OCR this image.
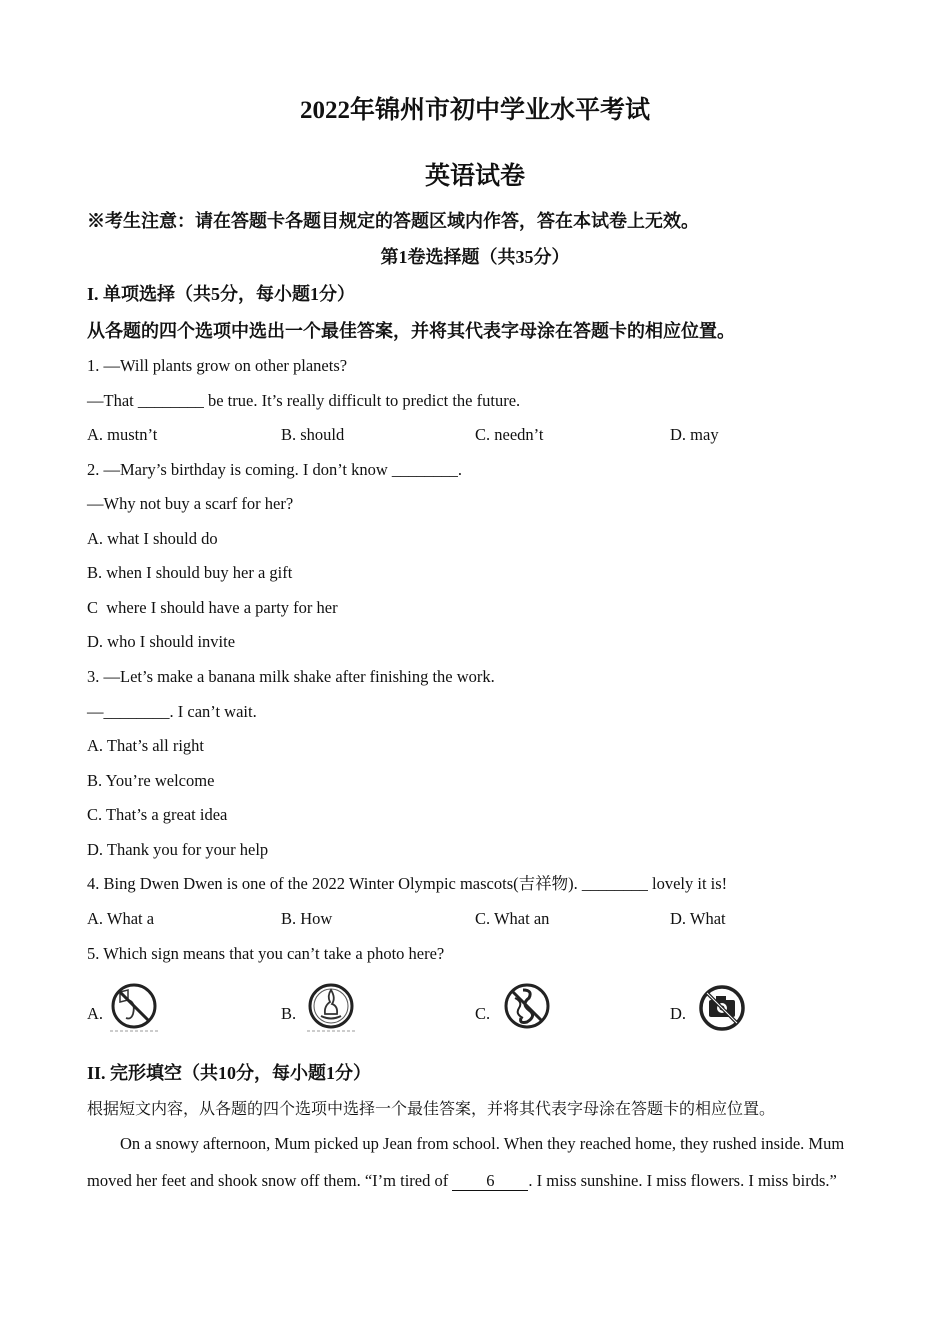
2022年锦州市初中学业水平考试
英语试卷
※考生注意：请在答题卡各题目规定的答题区域内作答，答在本试卷上无效。
第1卷选择题（共35分）
I. 单项选择（共5分，每小题1分）
从各题的四个选项中选出一个最佳答案，并将其代表字母涂在答题卡的相应位置。
1. —Will plants grow on other planets?
—That ________ be true. It’s really difficult to predict the future.
A. mustn’t	B. should	C. needn’t	D. may
2. —Mary’s birthday is coming. I don’t know ________.
—Why not buy a scarf for her?
A. what I should do
B. when I should buy her a gift
C  where I should have a party for her
D. who I should invite
3. —Let’s make a banana milk shake after finishing the work.
—________. I can’t wait.
A. That’s all right
B. You’re welcome
C. That’s a great idea
D. Thank you for your help
4. Bing Dwen Dwen is one of the 2022 Winter Olympic mascots(吉祥物). ________ lovely it is!
A. What a	B. How	C. What an	D. What
5. Which sign means that you can’t take a photo here?
A.	B.	C.	D.
II. 完形填空（共10分，每小题1分）
根据短文内容，从各题的四个选项中选择一个最佳答案，并将其代表字母涂在答题卡的相应位置。
On a snowy afternoon, Mum picked up Jean from school. When they reached home, they rushed inside. Mum
moved her feet and shook snow off them. “I’m tired of 6 . I miss sunshine. I miss flowers. I miss birds.”
